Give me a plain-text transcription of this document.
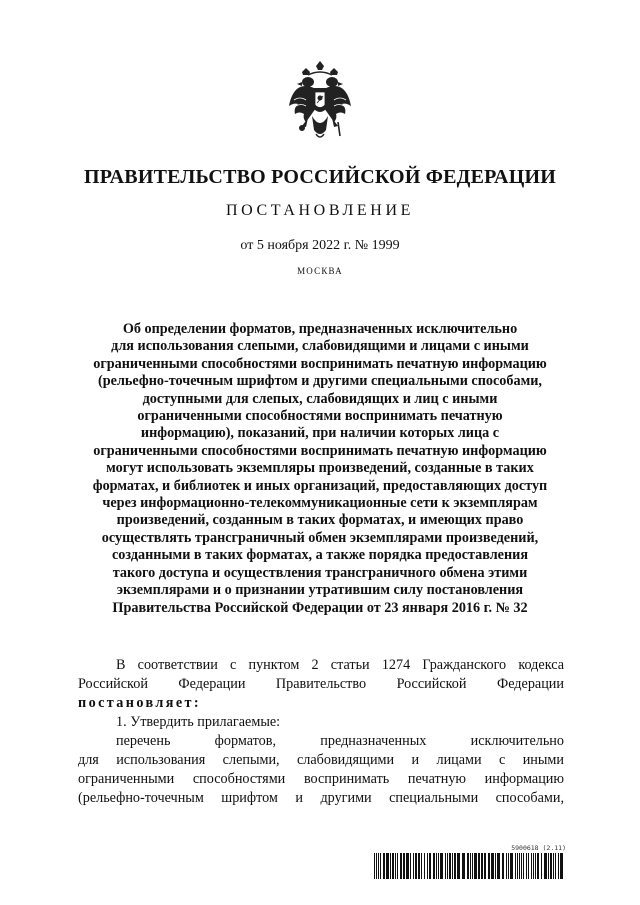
ПРАВИТЕЛЬСТВО РОССИЙСКОЙ ФЕДЕРАЦИИ
ПОСТАНОВЛЕНИЕ
от 5 ноября 2022 г. № 1999
МОСКВА
Об определении форматов, предназначенных исключительно
для использования слепыми, слабовидящими и лицами с иными
ограниченными способностями воспринимать печатную информацию
(рельефно-точечным шрифтом и другими специальными способами,
доступными для слепых, слабовидящих и лиц с иными
ограниченными способностями воспринимать печатную
информацию), показаний, при наличии которых лица с
ограниченными способностями воспринимать печатную информацию
могут использовать экземпляры произведений, созданные в таких
форматах, и библиотек и иных организаций, предоставляющих доступ
через информационно-телекоммуникационные сети к экземплярам
произведений, созданным в таких форматах, и имеющих право
осуществлять трансграничный обмен экземплярами произведений,
созданными в таких форматах, а также порядка предоставления
такого доступа и осуществления трансграничного обмена этими
экземплярами и о признании утратившим силу постановления
Правительства Российской Федерации от 23 января 2016 г. № 32
В соответствии с пунктом 2 статьи 1274 Гражданского кодекса
Российской Федерации Правительство Российской Федерации
постановляет:
1. Утвердить прилагаемые:
перечень форматов, предназначенных исключительно
для использования слепыми, слабовидящими и лицами с иными
ограниченными способностями воспринимать печатную информацию
(рельефно-точечным шрифтом и другими специальными способами,
5900618 (2.11)
